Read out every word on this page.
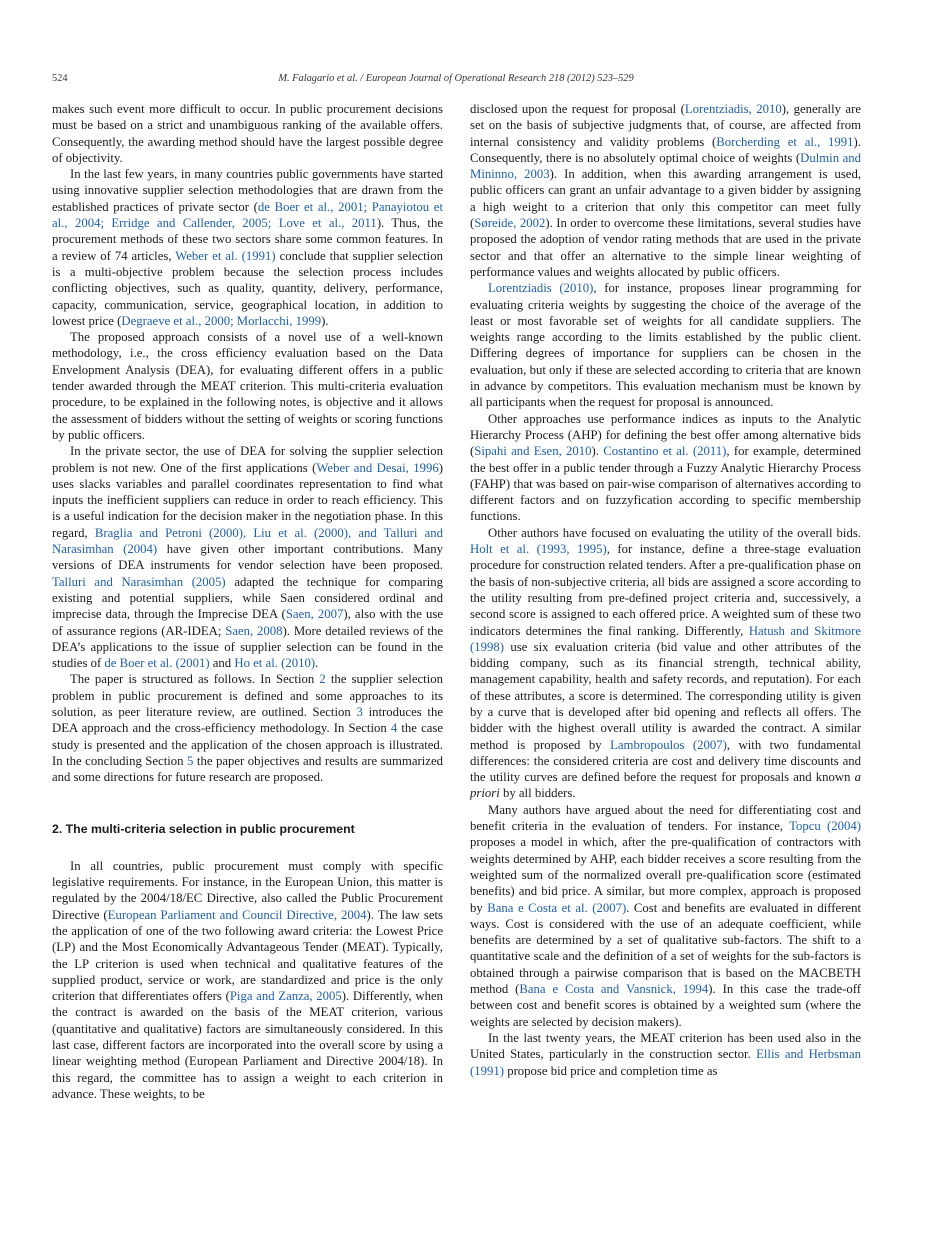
524	M. Falagario et al. / European Journal of Operational Research 218 (2012) 523–529

makes such event more difficult to occur. In public procurement decisions must be based on a strict and unambiguous ranking of the available offers. Consequently, the awarding method should have the largest possible degree of objectivity.

In the last few years, in many countries public governments have started using innovative supplier selection methodologies that are drawn from the established practices of private sector (de Boer et al., 2001; Panayiotou et al., 2004; Erridge and Callender, 2005; Love et al., 2011). Thus, the procurement methods of these two sectors share some common features. In a review of 74 articles, Weber et al. (1991) conclude that supplier selection is a multi-objective problem because the selection process includes conflicting objectives, such as quality, quantity, delivery, performance, capacity, communication, service, geographical location, in addition to lowest price (Degraeve et al., 2000; Morlacchi, 1999).

The proposed approach consists of a novel use of a well-known methodology, i.e., the cross efficiency evaluation based on the Data Envelopment Analysis (DEA), for evaluating different offers in a public tender awarded through the MEAT criterion. This multi-criteria evaluation procedure, to be explained in the following notes, is objective and it allows the assessment of bidders without the setting of weights or scoring functions by public officers.

In the private sector, the use of DEA for solving the supplier selection problem is not new. One of the first applications (Weber and Desai, 1996) uses slacks variables and parallel coordinates representation to find what inputs the inefficient suppliers can reduce in order to reach efficiency. This is a useful indication for the decision maker in the negotiation phase. In this regard, Braglia and Petroni (2000), Liu et al. (2000), and Talluri and Narasimhan (2004) have given other important contributions. Many versions of DEA instruments for vendor selection have been proposed. Talluri and Narasimhan (2005) adapted the technique for comparing existing and potential suppliers, while Saen considered ordinal and imprecise data, through the Imprecise DEA (Saen, 2007), also with the use of assurance regions (AR-IDEA; Saen, 2008). More detailed reviews of the DEA’s applications to the issue of supplier selection can be found in the studies of de Boer et al. (2001) and Ho et al. (2010).

The paper is structured as follows. In Section 2 the supplier selection problem in public procurement is defined and some approaches to its solution, as peer literature review, are outlined. Section 3 introduces the DEA approach and the cross-efficiency methodology. In Section 4 the case study is presented and the application of the chosen approach is illustrated. In the concluding Section 5 the paper objectives and results are summarized and some directions for future research are proposed.

2. The multi-criteria selection in public procurement

In all countries, public procurement must comply with specific legislative requirements. For instance, in the European Union, this matter is regulated by the 2004/18/EC Directive, also called the Public Procurement Directive (European Parliament and Council Directive, 2004). The law sets the application of one of the two following award criteria: the Lowest Price (LP) and the Most Economically Advantageous Tender (MEAT). Typically, the LP criterion is used when technical and qualitative features of the supplied product, service or work, are standardized and price is the only criterion that differentiates offers (Piga and Zanza, 2005). Differently, when the contract is awarded on the basis of the MEAT criterion, various (quantitative and qualitative) factors are simultaneously considered. In this last case, different factors are incorporated into the overall score by using a linear weighting method (European Parliament and Directive 2004/18). In this regard, the committee has to assign a weight to each criterion in advance. These weights, to be

disclosed upon the request for proposal (Lorentziadis, 2010), generally are set on the basis of subjective judgments that, of course, are affected from internal consistency and validity problems (Borcherding et al., 1991). Consequently, there is no absolutely optimal choice of weights (Dulmin and Mininno, 2003). In addition, when this awarding arrangement is used, public officers can grant an unfair advantage to a given bidder by assigning a high weight to a criterion that only this competitor can meet fully (Søreide, 2002). In order to overcome these limitations, several studies have proposed the adoption of vendor rating methods that are used in the private sector and that offer an alternative to the simple linear weighting of performance values and weights allocated by public officers.

Lorentziadis (2010), for instance, proposes linear programming for evaluating criteria weights by suggesting the choice of the average of the least or most favorable set of weights for all candidate suppliers. The weights range according to the limits established by the public client. Differing degrees of importance for suppliers can be chosen in the evaluation, but only if these are selected according to criteria that are known in advance by competitors. This evaluation mechanism must be known by all participants when the request for proposal is announced.

Other approaches use performance indices as inputs to the Analytic Hierarchy Process (AHP) for defining the best offer among alternative bids (Sipahi and Esen, 2010). Costantino et al. (2011), for example, determined the best offer in a public tender through a Fuzzy Analytic Hierarchy Process (FAHP) that was based on pair-wise comparison of alternatives according to different factors and on fuzzyfication according to specific membership functions.

Other authors have focused on evaluating the utility of the overall bids. Holt et al. (1993, 1995), for instance, define a three-stage evaluation procedure for construction related tenders. After a pre-qualification phase on the basis of non-subjective criteria, all bids are assigned a score according to the utility resulting from pre-defined project criteria and, successively, a second score is assigned to each offered price. A weighted sum of these two indicators determines the final ranking. Differently, Hatush and Skitmore (1998) use six evaluation criteria (bid value and other attributes of the bidding company, such as its financial strength, technical ability, management capability, health and safety records, and reputation). For each of these attributes, a score is determined. The corresponding utility is given by a curve that is developed after bid opening and reflects all offers. The bidder with the highest overall utility is awarded the contract. A similar method is proposed by Lambropoulos (2007), with two fundamental differences: the considered criteria are cost and delivery time discounts and the utility curves are defined before the request for proposals and known a priori by all bidders.

Many authors have argued about the need for differentiating cost and benefit criteria in the evaluation of tenders. For instance, Topcu (2004) proposes a model in which, after the pre-qualification of contractors with weights determined by AHP, each bidder receives a score resulting from the weighted sum of the normalized overall pre-qualification score (estimated benefits) and bid price. A similar, but more complex, approach is proposed by Bana e Costa et al. (2007). Cost and benefits are evaluated in different ways. Cost is considered with the use of an adequate coefficient, while benefits are determined by a set of qualitative sub-factors. The shift to a quantitative scale and the definition of a set of weights for the sub-factors is obtained through a pairwise comparison that is based on the MACBETH method (Bana e Costa and Vansnick, 1994). In this case the trade-off between cost and benefit scores is obtained by a weighted sum (where the weights are selected by decision makers).

In the last twenty years, the MEAT criterion has been used also in the United States, particularly in the construction sector. Ellis and Herbsman (1991) propose bid price and completion time as
